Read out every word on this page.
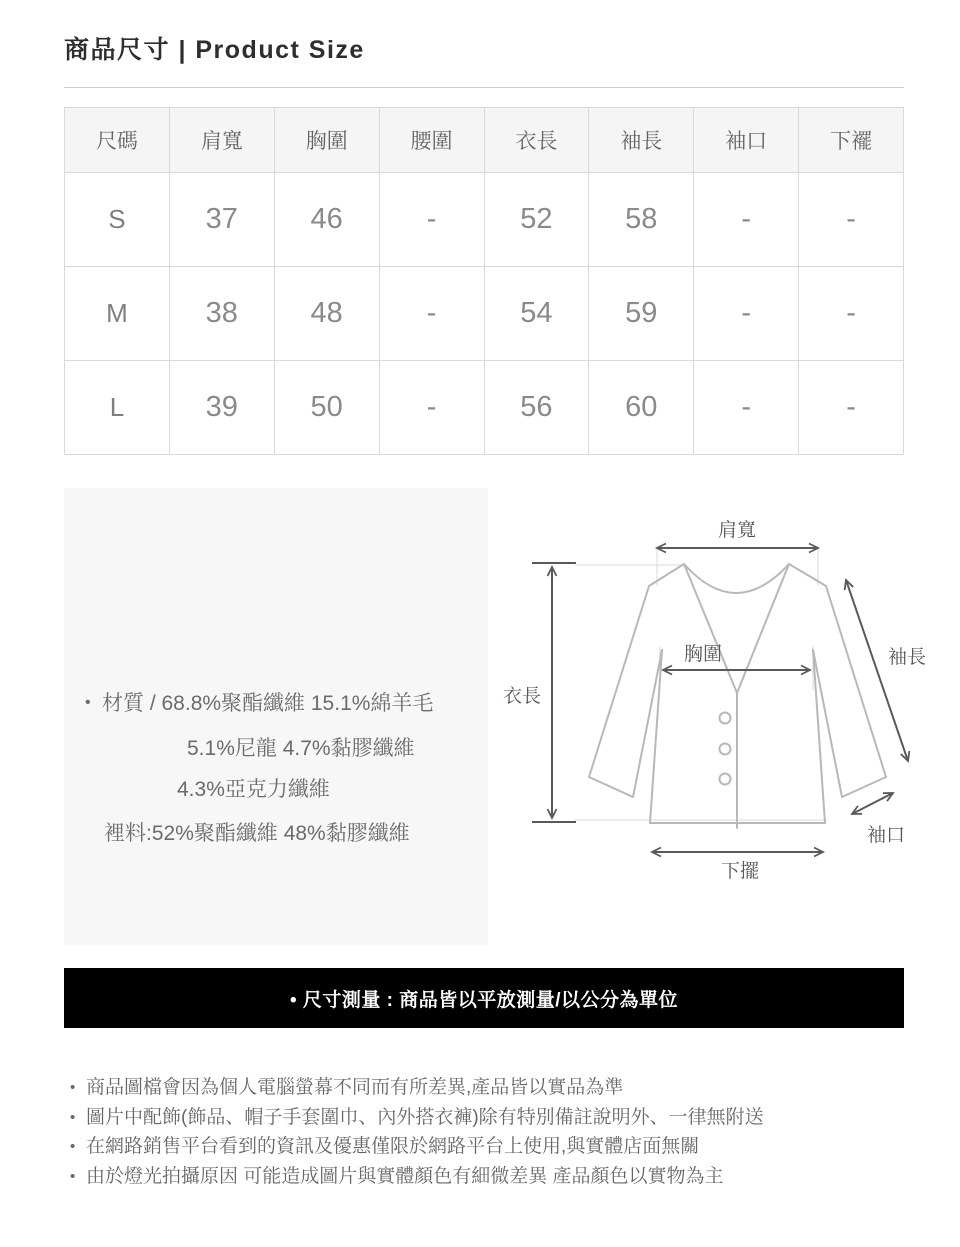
商品尺寸 | Product Size
尺碼	肩寬	胸圍	腰圍	衣長	袖長	袖口	下襬
S	37	46	-	52	58	-	-
M	38	48	-	54	59	-	-
L	39	50	-	56	60	-	-
• 材質 / 68.8%聚酯纖維 15.1%綿羊毛
5.1%尼龍 4.7%黏膠纖維
4.3%亞克力纖維
裡料:52%聚酯纖維 48%黏膠纖維
肩寬
衣長
胸圍	袖長
袖口
下擺
• 尺寸測量 : 商品皆以平放測量/以公分為單位
• 商品圖檔會因為個人電腦螢幕不同而有所差異,產品皆以實品為準
• 圖片中配飾(飾品、帽子手套圍巾、內外搭衣褲)除有特別備註說明外、一律無附送
• 在網路銷售平台看到的資訊及優惠僅限於網路平台上使用,與實體店面無關
• 由於燈光拍攝原因 可能造成圖片與實體顏色有細微差異 產品顏色以實物為主
